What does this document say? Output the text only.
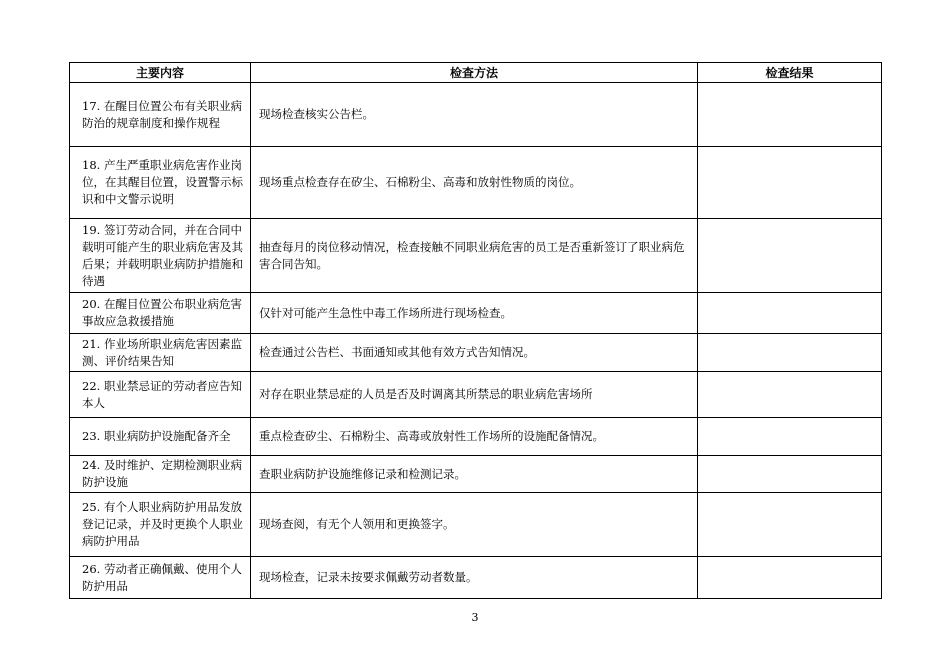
主要内容	检查方法	检查结果
17. 在醒目位置公布有关职业病防治的规章制度和操作规程	现场检查核实公告栏。	
18. 产生严重职业病危害作业岗位，在其醒目位置，设置警示标识和中文警示说明	现场重点检查存在矽尘、石棉粉尘、高毒和放射性物质的岗位。	
19. 签订劳动合同，并在合同中载明可能产生的职业病危害及其后果；并载明职业病防护措施和待遇	抽查每月的岗位移动情况，检查接触不同职业病危害的员工是否重新签订了职业病危害合同告知。	
20. 在醒目位置公布职业病危害事故应急救援措施	仅针对可能产生急性中毒工作场所进行现场检查。	
21. 作业场所职业病危害因素监测、评价结果告知	检查通过公告栏、书面通知或其他有效方式告知情况。	
22. 职业禁忌证的劳动者应告知本人	对存在职业禁忌症的人员是否及时调离其所禁忌的职业病危害场所	
23. 职业病防护设施配备齐全	重点检查矽尘、石棉粉尘、高毒或放射性工作场所的设施配备情况。	
24. 及时维护、定期检测职业病防护设施	查职业病防护设施维修记录和检测记录。	
25. 有个人职业病防护用品发放登记记录，并及时更换个人职业病防护用品	现场查阅，有无个人领用和更换签字。	
26. 劳动者正确佩戴、使用个人防护用品	现场检查，记录未按要求佩戴劳动者数量。	
3
